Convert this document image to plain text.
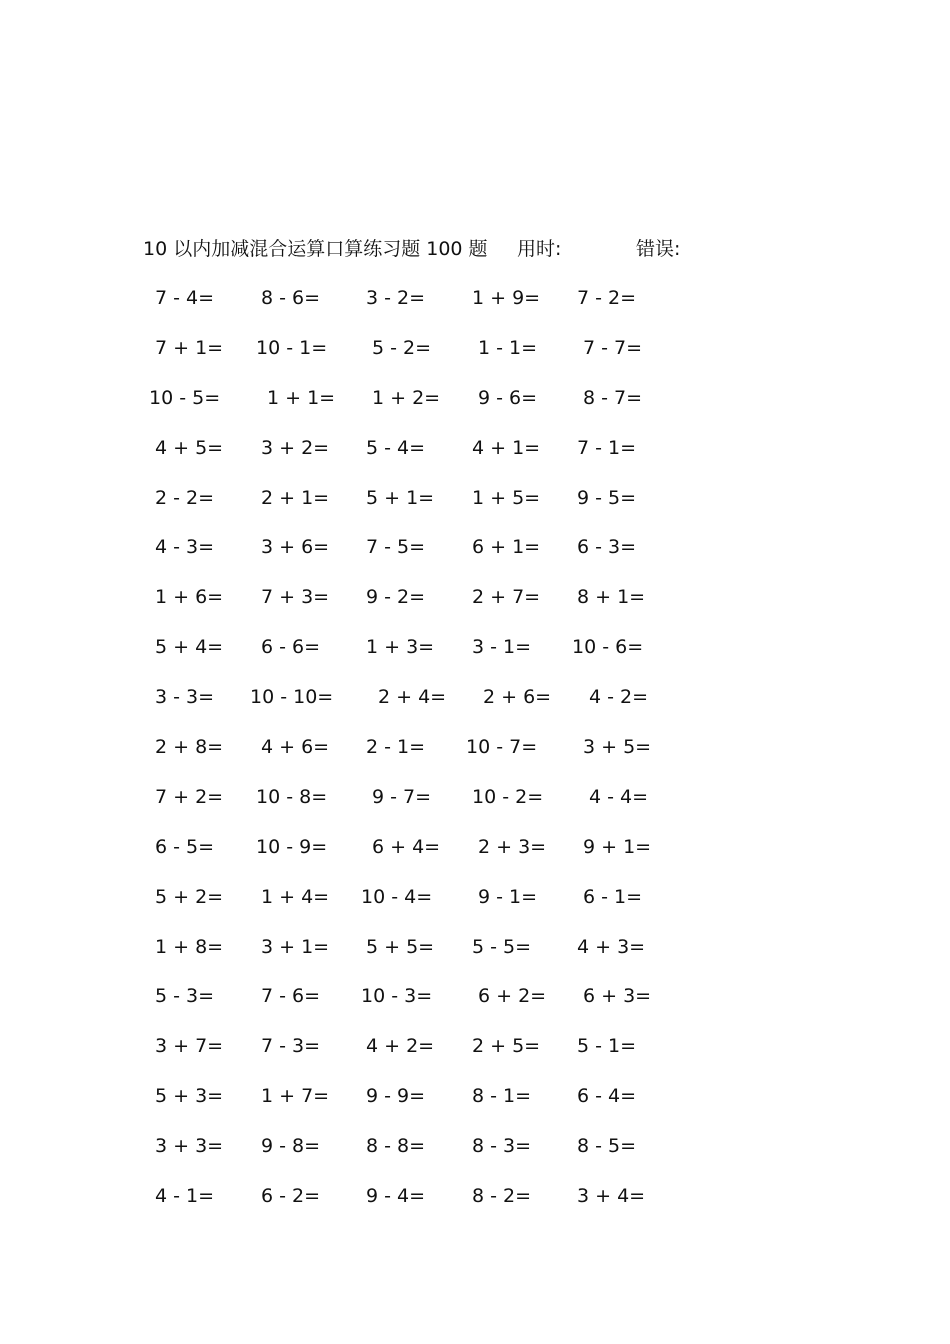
10 以内加减混合运算口算练习题 100 题 用时:	错误:
7 - 4= 8 - 6= 3 - 2= 1 + 9= 7 - 2=
7 + 1= 10 - 1= 5 - 2= 1 - 1= 7 - 7=
10 - 5= 1 + 1= 1 + 2= 9 - 6= 8 - 7=
4 + 5= 3 + 2= 5 - 4= 4 + 1= 7 - 1=
2 - 2= 2 + 1= 5 + 1= 1 + 5= 9 - 5=
4 - 3= 3 + 6= 7 - 5= 6 + 1= 6 - 3=
1 + 6= 7 + 3= 9 - 2= 2 + 7= 8 + 1=
5 + 4= 6 - 6= 1 + 3= 3 - 1= 10 - 6=
3 - 3= 10 - 10= 2 + 4= 2 + 6= 4 - 2=
2 + 8= 4 + 6= 2 - 1= 10 - 7= 3 + 5=
7 + 2= 10 - 8= 9 - 7= 10 - 2= 4 - 4=
6 - 5= 10 - 9= 6 + 4= 2 + 3= 9 + 1=
5 + 2= 1 + 4= 10 - 4= 9 - 1= 6 - 1=
1 + 8= 3 + 1= 5 + 5= 5 - 5= 4 + 3=
5 - 3= 7 - 6= 10 - 3= 6 + 2= 6 + 3=
3 + 7= 7 - 3= 4 + 2= 2 + 5= 5 - 1=
5 + 3= 1 + 7= 9 - 9= 8 - 1= 6 - 4=
3 + 3= 9 - 8= 8 - 8= 8 - 3= 8 - 5=
4 - 1= 6 - 2= 9 - 4= 8 - 2= 3 + 4=
